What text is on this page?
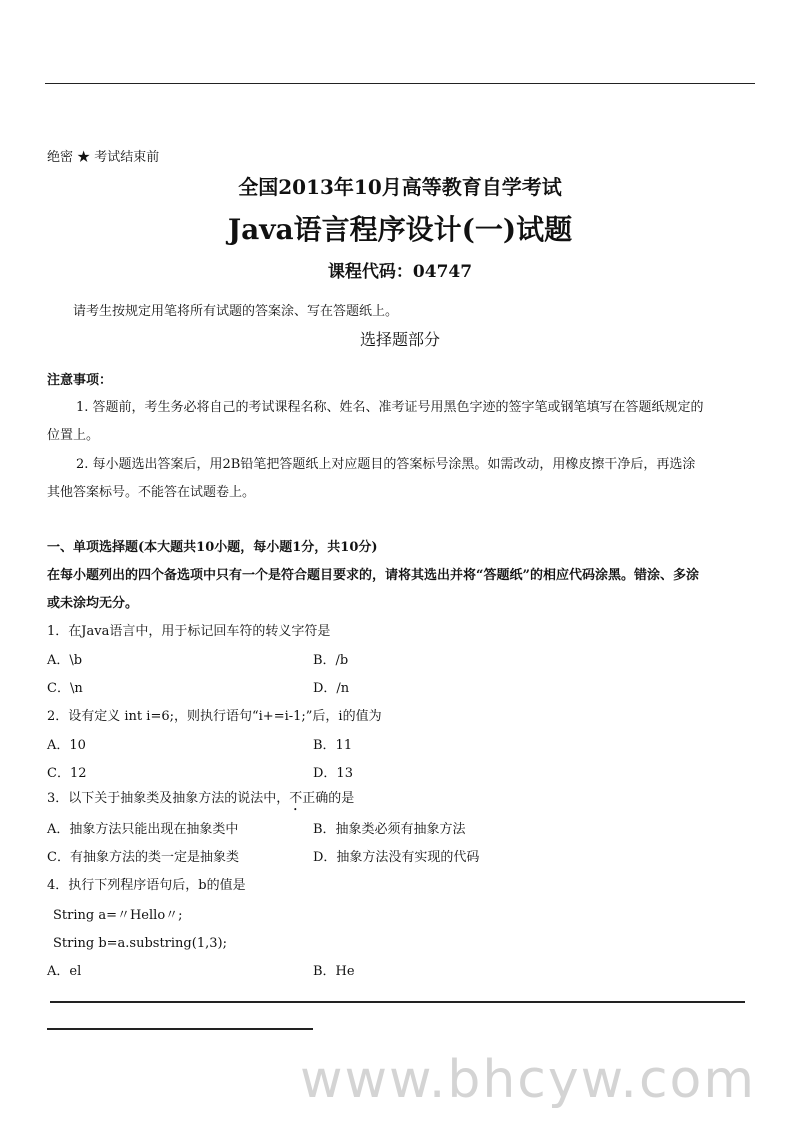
www.bhcyw.com
绝密 ★ 考试结束前
全国2013年10月高等教育自学考试
Java语言程序设计(一)试题
课程代码：04747
请考生按规定用笔将所有试题的答案涂、写在答题纸上。
选择题部分
注意事项：
1. 答题前，考生务必将自己的考试课程名称、姓名、准考证号用黑色字迹的签字笔或钢笔填写在答题纸规定的
位置上。
2. 每小题选出答案后，用2B铅笔把答题纸上对应题目的答案标号涂黑。如需改动，用橡皮擦干净后，再选涂
其他答案标号。不能答在试题卷上。
一、单项选择题(本大题共10小题，每小题1分，共10分)
在每小题列出的四个备选项中只有一个是符合题目要求的，请将其选出并将“答题纸”的相应代码涂黑。错涂、多涂
或未涂均无分。
1．在Java语言中，用于标记回车符的转义字符是
A．\b	B．/b
C．\n	D．/n
2．设有定义 int i=6;，则执行语句“i+=i-1;”后，i的值为
A．10	B．11
C．12	D．13
3．以下关于抽象类及抽象方法的说法中，不正确的是
A．抽象方法只能出现在抽象类中	B．抽象类必须有抽象方法
C．有抽象方法的类一定是抽象类	D．抽象方法没有实现的代码
4．执行下列程序语句后，b的值是
String a=〃Hello〃;
String b=a.substring(1,3);
A．el	B．He
